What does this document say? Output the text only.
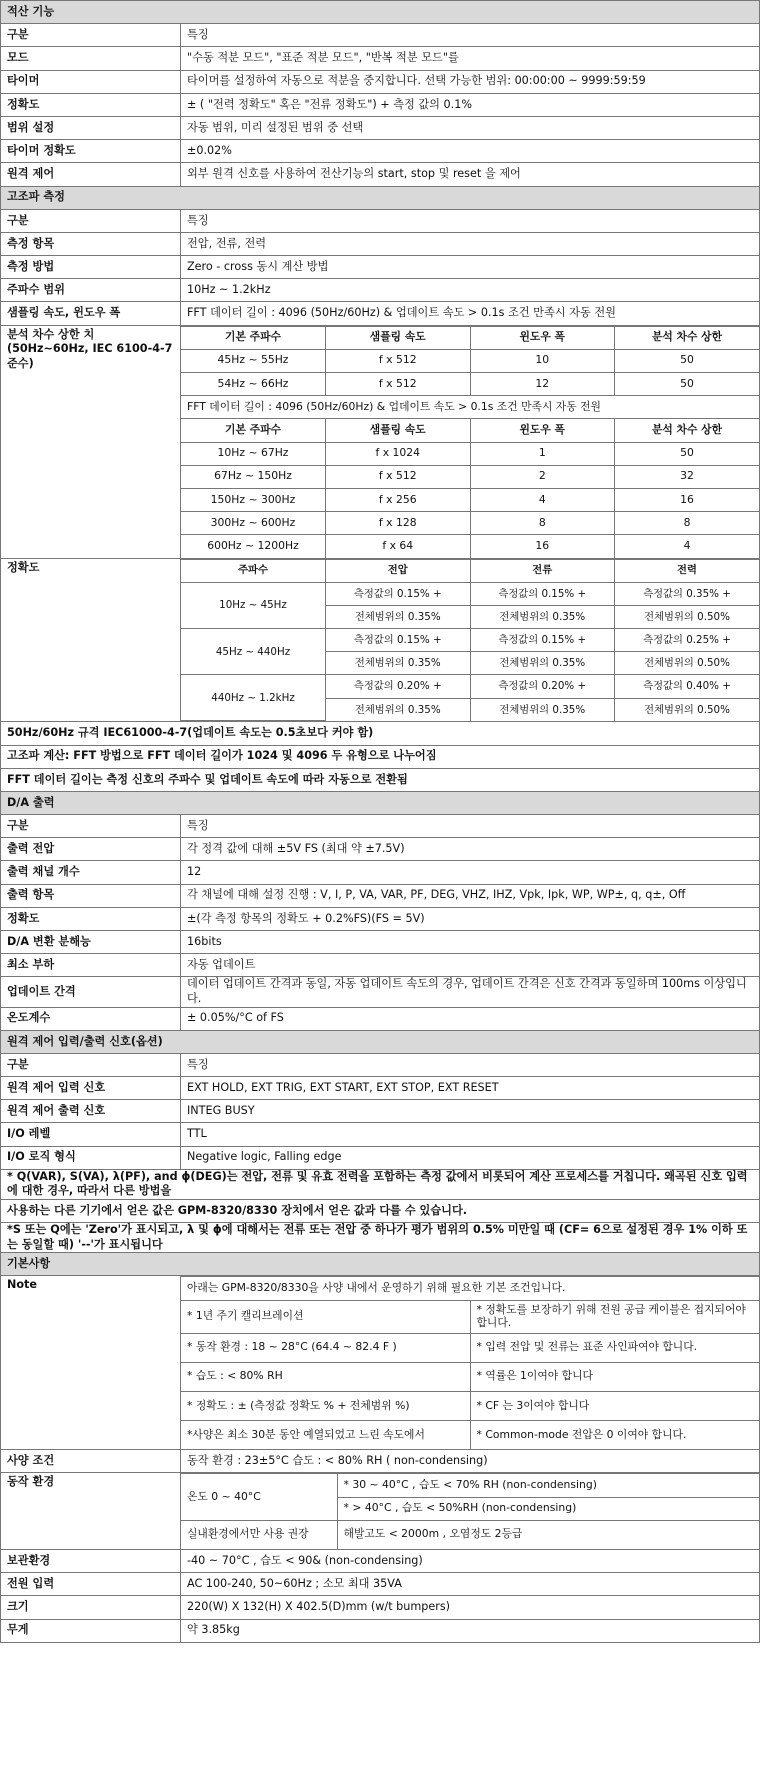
적산 기능
구분	특징
모드	"수동 적분 모드", "표준 적분 모드", "반복 적분 모드"를
타이머	타이머를 설정하여 자동으로 적분을 중지합니다. 선택 가능한 범위: 00:00:00 ~ 9999:59:59
정확도	± ( "전력 정확도" 혹은 "전류 정확도") + 측정 값의 0.1%
범위 설정	자동 범위, 미리 설정된 범위 중 선택
타이머 정확도	±0.02%
원격 제어	외부 원격 신호를 사용하여 전산기능의 start, stop 및 reset 을 제어
고조파 측정
구분	특징
측정 항목	전압, 전류, 전력
측정 방법	Zero - cross 동시 계산 방법
주파수 범위	10Hz ~ 1.2kHz
샘플링 속도, 윈도우 폭	FFT 데이터 길이 : 4096 (50Hz/60Hz) & 업데이트 속도 > 0.1s 조건 만족시 자동 전원
분석 차수 상한 치 (50Hz~60Hz, IEC 6100-4-7 준수)	
기본 주파수	샘플링 속도	윈도우 폭	분석 차수 상한
45Hz ~ 55Hz	f x 512	10	50
54Hz ~ 66Hz	f x 512	12	50
FFT 데이터 길이 : 4096 (50Hz/60Hz) & 업데이트 속도 > 0.1s 조건 만족시 자동 전원
기본 주파수	샘플링 속도	윈도우 폭	분석 차수 상한
10Hz ~ 67Hz	f x 1024	1	50
67Hz ~ 150Hz	f x 512	2	32
150Hz ~ 300Hz	f x 256	4	16
300Hz ~ 600Hz	f x 128	8	8
600Hz ~ 1200Hz	f x 64	16	4

정확도		주파수	전압	전류	전력
10Hz ~ 45Hz	측정값의 0.15% +	측정값의 0.15% +	측정값의 0.35% +
전체범위의 0.35%	전체범위의 0.35%	전체범위의 0.50%
45Hz ~ 440Hz	측정값의 0.15% +	측정값의 0.15% +	측정값의 0.25% +
전체범위의 0.35%	전체범위의 0.35%	전체범위의 0.50%
440Hz ~ 1.2kHz	측정값의 0.20% +	측정값의 0.20% +	측정값의 0.40% +
전체범위의 0.35%	전체범위의 0.35%	전체범위의 0.50%

50Hz/60Hz 규격 IEC61000-4-7(업데이트 속도는 0.5초보다 커야 함)
고조파 계산: FFT 방법으로 FFT 데이터 길이가 1024 및 4096 두 유형으로 나누어짐
FFT 데이터 길이는 측정 신호의 주파수 및 업데이트 속도에 따라 자동으로 전환됨
D/A 출력
구분	특징
출력 전압	각 정격 값에 대해 ±5V FS (최대 약 ±7.5V)
출력 채널 개수	12
출력 항목	각 채널에 대해 설정 진행 : V, I, P, VA, VAR, PF, DEG, VHZ, IHZ, Vpk, Ipk, WP, WP±, q, q±, Off
정확도	±(각 측정 항목의 정확도 + 0.2%FS)(FS = 5V)
D/A 변환 분해능	16bits
최소 부하	자동 업데이트
업데이트 간격	데이터 업데이트 간격과 동일, 자동 업데이트 속도의 경우, 업데이트 간격은 신호 간격과 동일하며 100ms 이상입니다.
온도계수	± 0.05%/°C of FS
원격 제어 입력/출력 신호(옵션)
구분	특징
원격 제어 입력 신호	EXT HOLD, EXT TRIG, EXT START, EXT STOP, EXT RESET
원격 제어 출력 신호	INTEG BUSY
I/O 레벨	TTL
I/O 로직 형식	Negative logic, Falling edge
* Q(VAR), S(VA), λ(PF), and ϕ(DEG)는 전압, 전류 및 유효 전력을 포함하는 측정 값에서 비롯되어 계산 프로세스를 거칩니다. 왜곡된 신호 입력에 대한 경우, 따라서 다른 방법을
사용하는 다른 기기에서 얻은 값은 GPM-8320/8330 장치에서 얻은 값과 다를 수 있습니다.
*S 또는 Q에는 'Zero'가 표시되고, λ 및 ϕ에 대해서는 전류 또는 전압 중 하나가 평가 범위의 0.5% 미만일 때 (CF= 6으로 설정된 경우 1% 이하 또는 동일할 때) '--'가 표시됩니다
기본사항
Note		아래는 GPM-8320/8330을 사양 내에서 운영하기 위해 필요한 기본 조건입니다.
* 1년 주기 캘리브레이션	* 정확도를 보장하기 위해 전원 공급 케이블은 접지되어야 합니다.
* 동작 환경 : 18 ~ 28°C (64.4 ~ 82.4 F )	* 입력 전압 및 전류는 표준 사인파여야 합니다.
* 습도 : < 80% RH	* 역률은 1이여야 합니다
* 정확도 : ± (측정값 정확도 % + 전체범위 %)	* CF 는 3이여야 합니다
*사양은 최소 30분 동안 예열되었고 느린 속도에서	* Common-mode 전압은 0 이여야 합니다.

사양 조건	동작 환경 : 23±5°C 습도 : < 80% RH ( non-condensing)
동작 환경	
온도 0 ~ 40°C	* 30 ~ 40°C , 습도 < 70% RH (non-condensing)
* > 40°C , 습도 < 50%RH (non-condensing)
실내환경에서만 사용 권장	해발고도 < 2000m , 오염정도 2등급

보관환경	-40 ~ 70°C , 습도 < 90& (non-condensing)
전원 입력	AC 100-240, 50~60Hz ; 소모 최대 35VA
크기	220(W) X 132(H) X 402.5(D)mm (w/t bumpers)
무게	약 3.85kg
